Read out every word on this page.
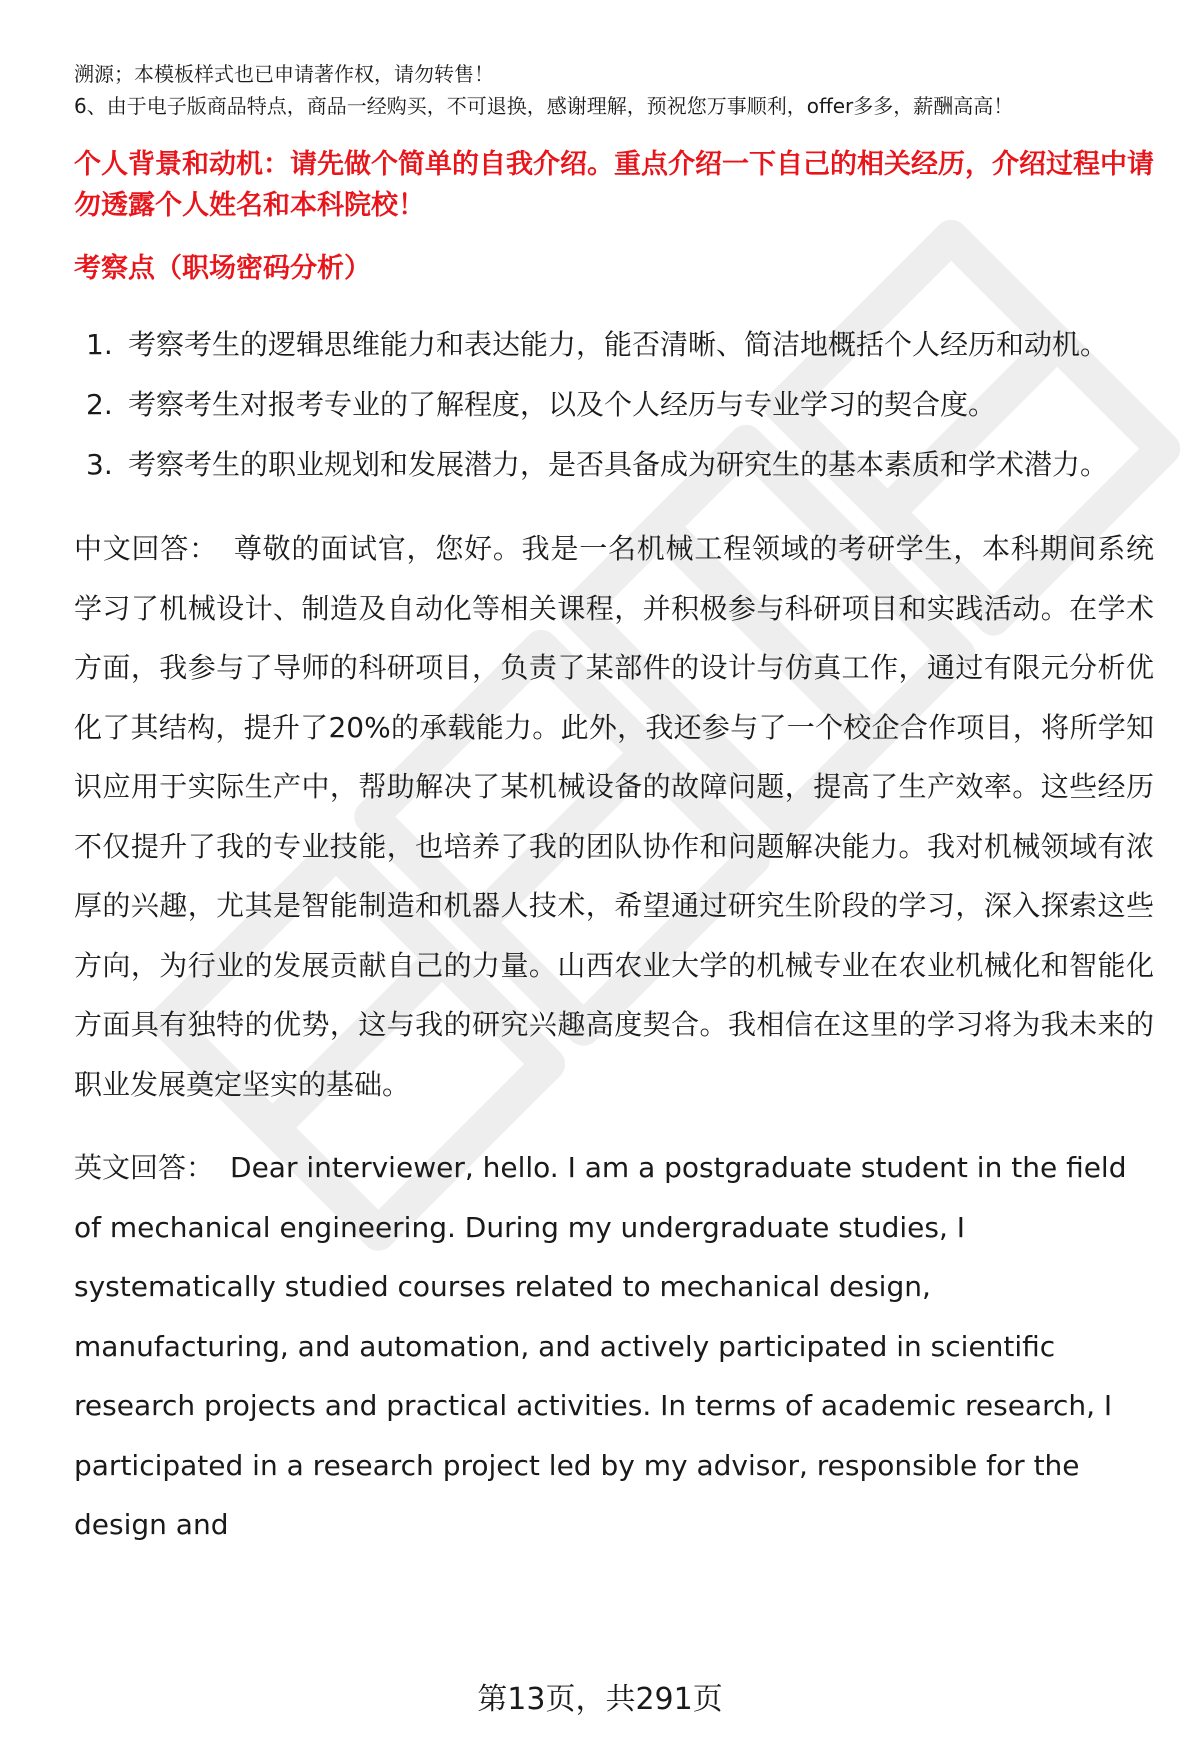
溯源；本模板样式也已申请著作权，请勿转售！

6、由于电子版商品特点，商品一经购买，不可退换，感谢理解，预祝您万事顺利，offer多多，薪酬高高！

个人背景和动机：请先做个简单的自我介绍。重点介绍一下自己的相关经历，介绍过程中请勿透露个人姓名和本科院校！

考察点（职场密码分析）

1. 考察考生的逻辑思维能力和表达能力，能否清晰、简洁地概括个人经历和动机。
2. 考察考生对报考专业的了解程度，以及个人经历与专业学习的契合度。
3. 考察考生的职业规划和发展潜力，是否具备成为研究生的基本素质和学术潜力。

中文回答： 尊敬的面试官，您好。我是一名机械工程领域的考研学生，本科期间系统学习了机械设计、制造及自动化等相关课程，并积极参与科研项目和实践活动。在学术方面，我参与了导师的科研项目，负责了某部件的设计与仿真工作，通过有限元分析优化了其结构，提升了20%的承载能力。此外，我还参与了一个校企合作项目，将所学知识应用于实际生产中，帮助解决了某机械设备的故障问题，提高了生产效率。这些经历不仅提升了我的专业技能，也培养了我的团队协作和问题解决能力。我对机械领域有浓厚的兴趣，尤其是智能制造和机器人技术，希望通过研究生阶段的学习，深入探索这些方向，为行业的发展贡献自己的力量。山西农业大学的机械专业在农业机械化和智能化方面具有独特的优势，这与我的研究兴趣高度契合。我相信在这里的学习将为我未来的职业发展奠定坚实的基础。

英文回答： Dear interviewer, hello. I am a postgraduate student in the field of mechanical engineering. During my undergraduate studies, I systematically studied courses related to mechanical design, manufacturing, and automation, and actively participated in scientific research projects and practical activities. In terms of academic research, I participated in a research project led by my advisor, responsible for the design and

第13页，共291页
